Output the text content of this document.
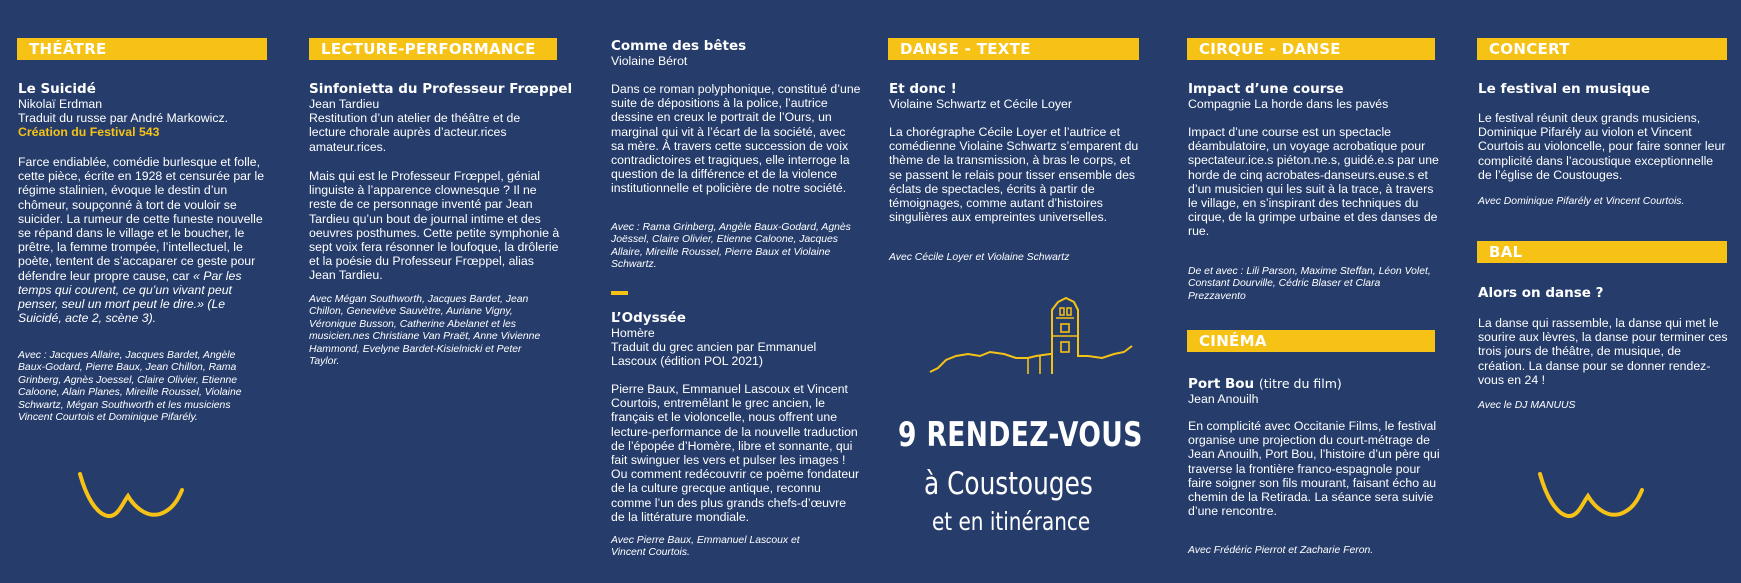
THÉÂTRE
Le Suicidé

Nikolaï Erdman
Traduit du russe par André Markowicz.
Création du Festival 543

Farce endiablée, comédie burlesque et folle, cette pièce, écrite en 1928 et censurée par le régime stalinien, évoque le destin d’un chômeur, soupçonné à tort de vouloir se suicider. La rumeur de cette funeste nouvelle se répand dans le village et le boucher, le prêtre, la femme trompée, l’intellectuel, le poète, tentent de s’accaparer ce geste pour défendre leur propre cause, car « Par les temps qui courent, ce qu’un vivant peut penser, seul un mort peut le dire.» (Le Suicidé, acte 2, scène 3).

Avec : Jacques Allaire, Jacques Bardet, Angèle Baux-Godard, Pierre Baux, Jean Chillon, Rama Grinberg, Agnès Joessel, Claire Olivier, Etienne Caloone, Alain Planes, Mireille Roussel, Violaine Schwartz, Mégan Southworth et les musiciens Vincent Courtois et Dominique Pifarély.

LECTURE-PERFORMANCE
Sinfonietta du Professeur Frœppel

Jean Tardieu
Restitution d’un atelier de théâtre et de lecture chorale auprès d’acteur.rices amateur.rices.

Mais qui est le Professeur Frœppel, génial linguiste à l’apparence clownesque ? Il ne reste de ce personnage inventé par Jean Tardieu qu’un bout de journal intime et des oeuvres posthumes. Cette petite symphonie à sept voix fera résonner le loufoque, la drôlerie et la poésie du Professeur Frœppel, alias Jean Tardieu.

Avec Mégan Southworth, Jacques Bardet, Jean Chillon, Geneviève Sauvètre, Auriane Vigny, Véronique Busson, Catherine Abelanet et les musicien.nes Christiane Van Praët, Anne Vivienne Hammond, Evelyne Bardet-Kisielnicki et Peter Taylor.

Comme des bêtes

Violaine Bérot

Dans ce roman polyphonique, constitué d’une suite de dépositions à la police, l’autrice dessine en creux le portrait de l’Ours, un marginal qui vit à l’écart de la société, avec sa mère. À travers cette succession de voix contradictoires et tragiques, elle interroge la question de la différence et de la violence institutionnelle et policière de notre société.

Avec : Rama Grinberg, Angèle Baux-Godard, Agnès Joëssel, Claire Olivier, Etienne Caloone, Jacques Allaire, Mireille Roussel, Pierre Baux et Violaine Schwartz.

L’Odyssée

Homère
Traduit du grec ancien par Emmanuel Lascoux (édition POL 2021)

Pierre Baux, Emmanuel Lascoux et Vincent Courtois, entremêlant le grec ancien, le français et le violoncelle, nous offrent une lecture-performance de la nouvelle traduction de l’épopée d’Homère, libre et sonnante, qui fait swinguer les vers et pulser les images ! Ou comment redécouvrir ce poème fondateur de la culture grecque antique, reconnu comme l’un des plus grands chefs-d’œuvre de la littérature mondiale.

Avec Pierre Baux, Emmanuel Lascoux et Vincent Courtois.

DANSE - TEXTE
Et donc !

Violaine Schwartz et Cécile Loyer

La chorégraphe Cécile Loyer et l’autrice et comédienne Violaine Schwartz s’emparent du thème de la transmission, à bras le corps, et se passent le relais pour tisser ensemble des éclats de spectacles, écrits à partir de témoignages, comme autant d’histoires singulières aux empreintes universelles.

Avec Cécile Loyer et Violaine Schwartz

9 RENDEZ-VOUS
à Coustouges
et en itinérance
CIRQUE - DANSE
Impact d’une course

Compagnie La horde dans les pavés

Impact d’une course est un spectacle déambulatoire, un voyage acrobatique pour spectateur.ice.s piéton.ne.s, guidé.e.s par une horde de cinq acrobates-danseurs.euse.s et d’un musicien qui les suit à la trace, à travers le village, en s’inspirant des techniques du cirque, de la grimpe urbaine et des danses de rue.

De et avec : Lili Parson, Maxime Steffan, Léon Volet, Constant Dourville, Cédric Blaser et Clara Prezzavento

CINÉMA
Port Bou (titre du film)

Jean Anouilh

En complicité avec Occitanie Films, le festival organise une projection du court-métrage de Jean Anouilh, Port Bou, l’histoire d’un père qui traverse la frontière franco-espagnole pour faire soigner son fils mourant, faisant écho au chemin de la Retirada. La séance sera suivie d’une rencontre.

Avec Frédéric Pierrot et Zacharie Feron.

CONCERT
Le festival en musique

Le festival réunit deux grands musiciens, Dominique Pifarély au violon et Vincent Courtois au violoncelle, pour faire sonner leur complicité dans l’acoustique exceptionnelle de l’église de Coustouges.

Avec Dominique Pifarély et Vincent Courtois.

BAL
Alors on danse ?

La danse qui rassemble, la danse qui met le sourire aux lèvres, la danse pour terminer ces trois jours de théâtre, de musique, de création. La danse pour se donner rendez-vous en 24 !

Avec le DJ MANUUS
